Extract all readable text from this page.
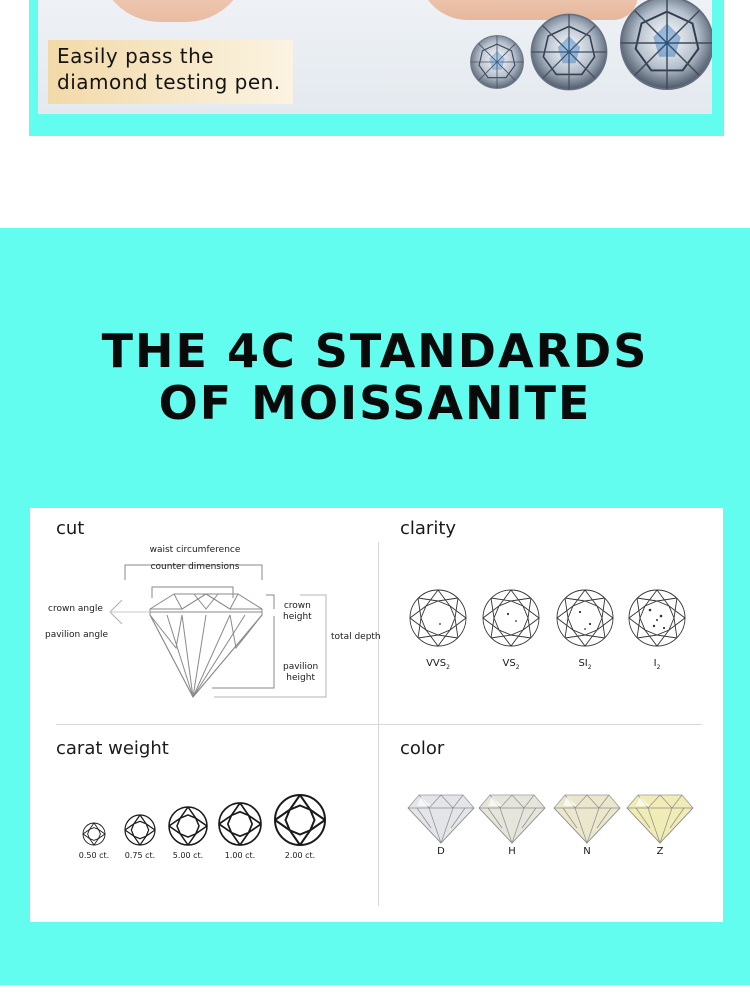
Easily pass the
diamond testing pen.
THE 4C STANDARDS
OF MOISSANITE
cut
waist circumference
counter dimensions
crown angle
pavilion angle
crown
height
total depth
pavilion
height
clarity
$VVS_2$	$VS_2$	$SI_2$	$I_2$
carat weight
0.50 ct. 0.75 ct. 5.00 ct.	1.00 ct.	2.00 ct.
color
D	H	N	Z
